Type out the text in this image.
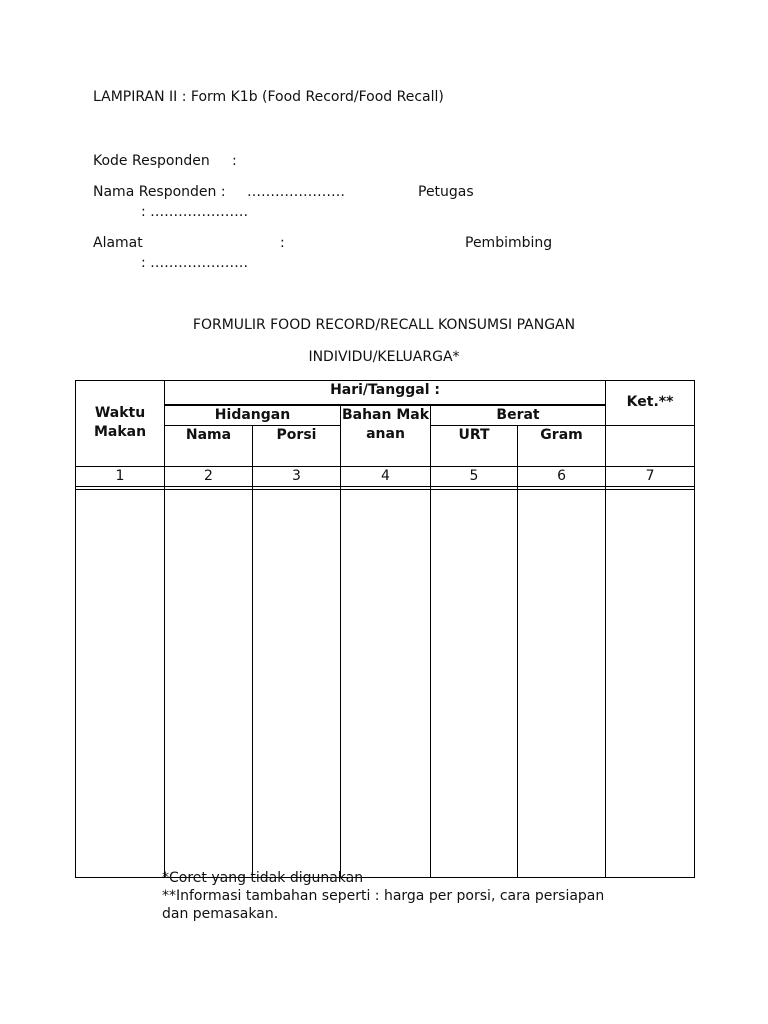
LAMPIRAN II : Form K1b (Food Record/Food Recall)
Kode Responden :
Nama Responden : …………………	Petugas
: …………………
Alamat	:	Pembimbing
: …………………
FORMULIR FOOD RECORD/RECALL KONSUMSI PANGAN
INDIVIDU/KELUARGA*
Waktu Makan	Hari/Tanggal :					Ket.**
	Hidangan		Bahan Makanan	Berat		
	Nama	Porsi		URT	Gram	
1	2	3	4	5	6	7

*Coret yang tidak digunakan
**Informasi tambahan seperti : harga per porsi, cara persiapan
dan pemasakan.
